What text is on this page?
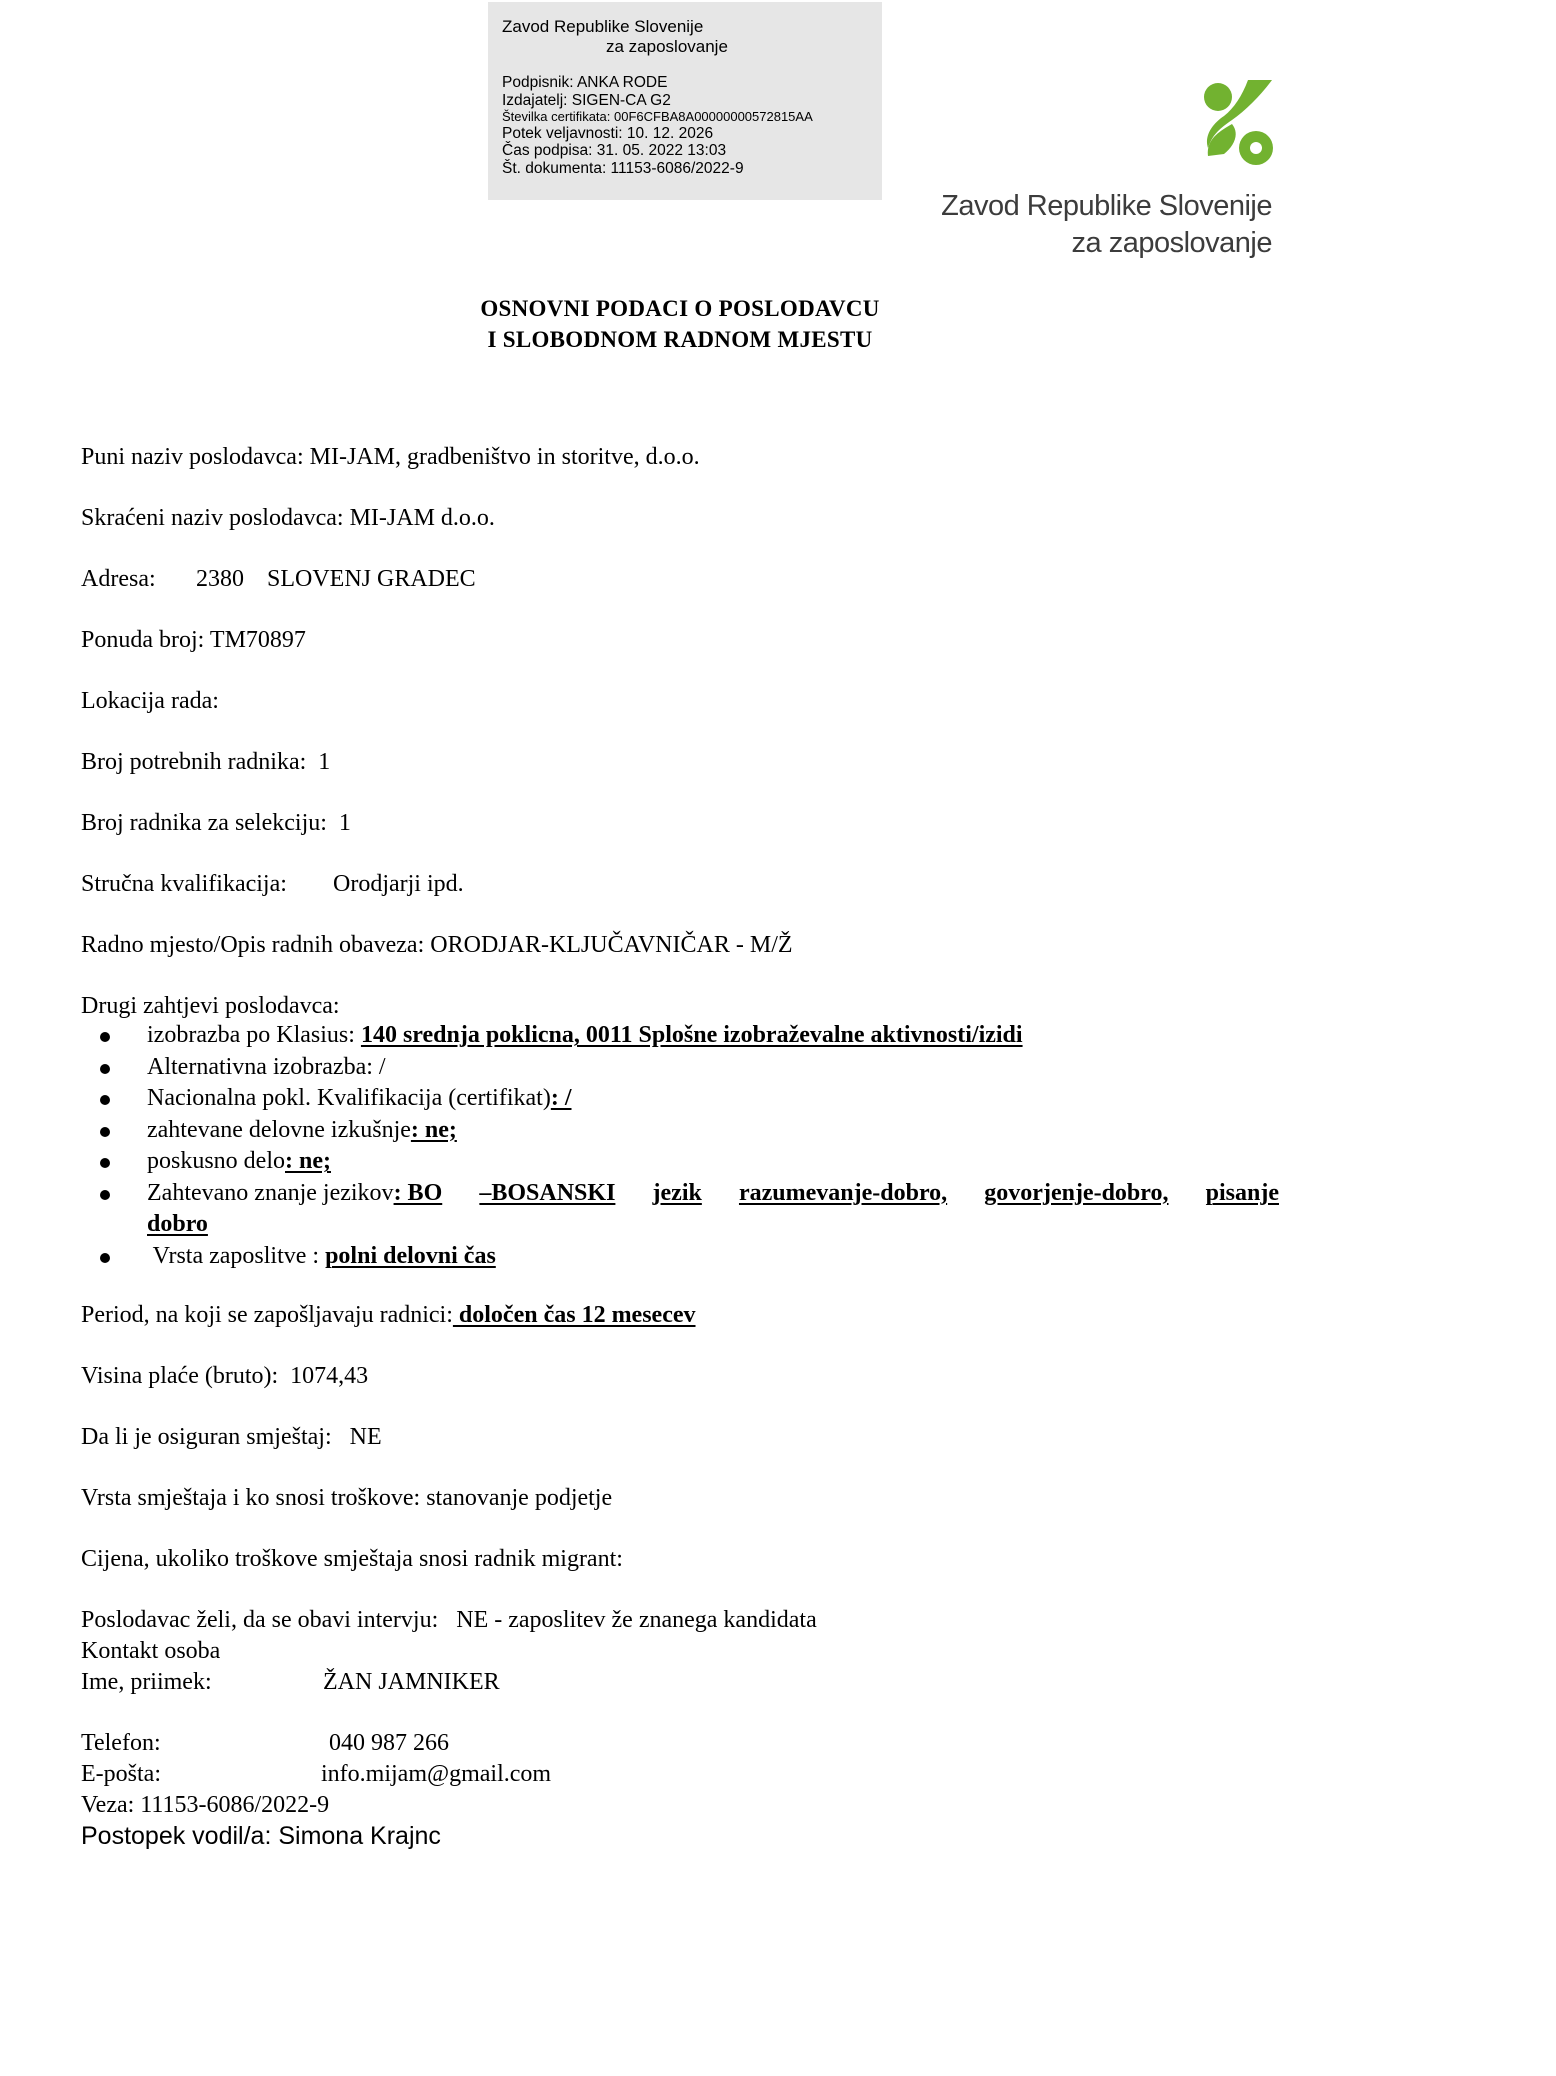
Zavod Republike Slovenije
za zaposlovanje
Podpisnik: ANKA RODE
Izdajatelj: SIGEN-CA G2
Številka certifikata: 00F6CFBA8A00000000572815AA
Potek veljavnosti: 10. 12. 2026
Čas podpisa: 31. 05. 2022 13:03
Št. dokumenta: 11153-6086/2022-9
Zavod Republike Slovenije
za zaposlovanje
OSNOVNI PODACI O POSLODAVCU
I SLOBODNOM RADNOM MJESTU
Puni naziv poslodavca: MI-JAM, gradbeništvo in storitve, d.o.o.
Skraćeni naziv poslodavca: MI-JAM d.o.o.
Adresa: 2380 SLOVENJ GRADEC
Ponuda broj: TM70897
Lokacija rada:
Broj potrebnih radnika: 1
Broj radnika za selekciju: 1
Stručna kvalifikacija: Orodjarji ipd.
Radno mjesto/Opis radnih obaveza: ORODJAR-KLJUČAVNIČAR - M/Ž
Drugi zahtjevi poslodavca:
izobrazba po Klasius: 140 srednja poklicna, 0011 Splošne izobraževalne aktivnosti/izidi
Alternativna izobrazba: /
Nacionalna pokl. Kvalifikacija (certifikat): /
zahtevane delovne izkušnje: ne;
poskusno delo: ne;
Zahtevano znanje jezikov: BO –BOSANSKI jezik razumevanje-dobro, govorjenje-dobro, pisanje
dobro
Vrsta zaposlitve : polni delovni čas
Period, na koji se zapošljavaju radnici: določen čas 12 mesecev
Visina plaće (bruto): 1074,43
Da li je osiguran smještaj: NE
Vrsta smještaja i ko snosi troškove: stanovanje podjetje
Cijena, ukoliko troškove smještaja snosi radnik migrant:
Poslodavac želi, da se obavi intervju: NE - zaposlitev že znanega kandidata
Kontakt osoba
Ime, priimek:	ŽAN JAMNIKER
Telefon:	040 987 266
E-pošta:	info.mijam@gmail.com
Veza: 11153-6086/2022-9
Postopek vodil/a: Simona Krajnc
